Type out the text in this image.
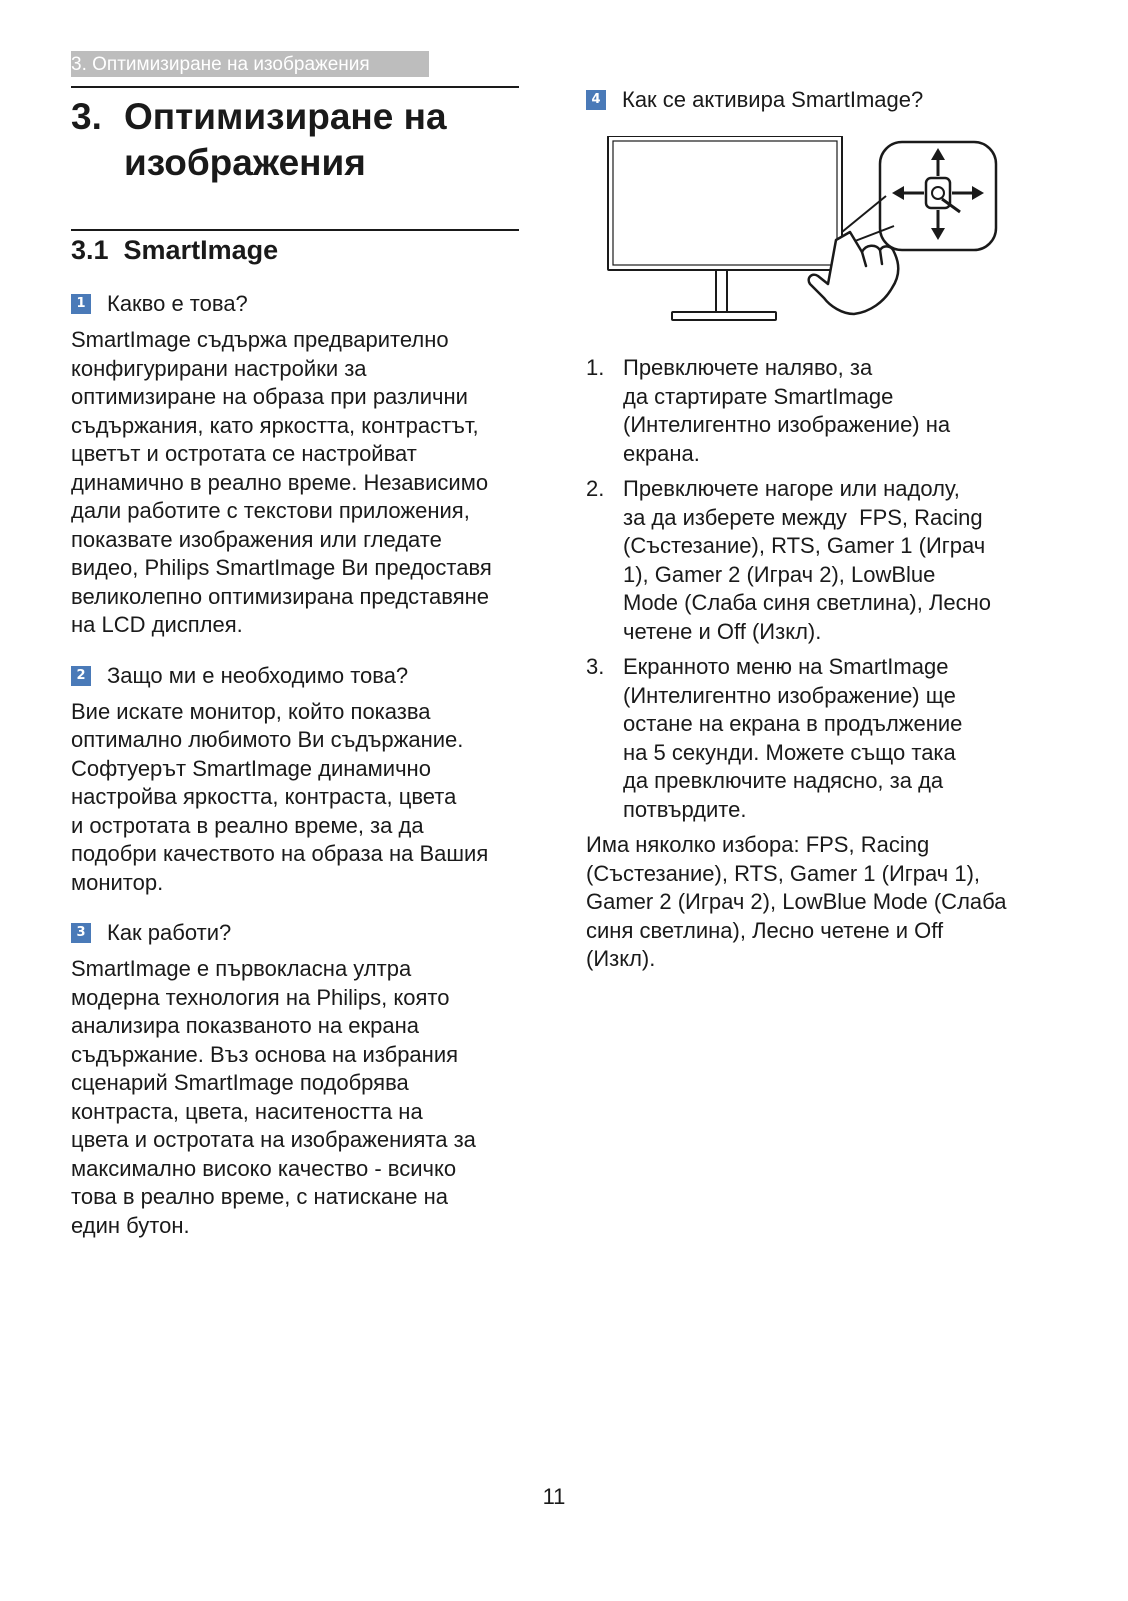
3. Оптимизиране на изображения
3. Оптимизиране на
изображения
3.1  SmartImage
1 Какво е това?

SmartImage съдържа предварително

конфигурирани настройки за

оптимизиране на образа при различни

съдържания, като яркостта, контрастът,

цветът и остротата се настройват

динамично в реално време. Независимо

дали работите с текстови приложения,

показвате изображения или гледате

видео, Philips SmartImage Ви предоставя

великолепно оптимизирана представяне

на LCD дисплея.

2 Защо ми е необходимо това?

Вие искате монитор, който показва

оптимално любимото Ви съдържание.

Софтуерът SmartImage динамично

настройва яркостта, контраста, цвета

и остротата в реално време, за да

подобри качеството на образа на Вашия

монитор.

3 Как работи?

SmartImage е първокласна ултра

модерна технология на Philips, която

анализира показваното на екрана

съдържание. Въз основа на избрания

сценарий SmartImage подобрява

контраста, цвета, наситеността на

цвета и остротата на изображенията за

максимално високо качество - всичко

това в реално време, с натискане на

един бутон.

4 Как се активира SmartImage?
1. Превключете наляво, за
да стартирате SmartImage
(Интелигентно изображение) на
екрана.
2. Превключете нагоре или надолу,
за да изберете между  FPS, Racing
(Състезание), RTS, Gamer 1 (Играч
1), Gamer 2 (Играч 2), LowBlue
Mode (Слаба синя светлина), Лесно
четене и Off (Изкл).
3. Екранното меню на SmartImage
(Интелигентно изображение) ще
остане на екрана в продължение
на 5 секунди. Можете също така
да превключите надясно, за да
потвърдите.

Има няколко избора: FPS, Racing

(Състезание), RTS, Gamer 1 (Играч 1),

Gamer 2 (Играч 2), LowBlue Mode (Слаба

синя светлина), Лесно четене и Off

(Изкл).

11
